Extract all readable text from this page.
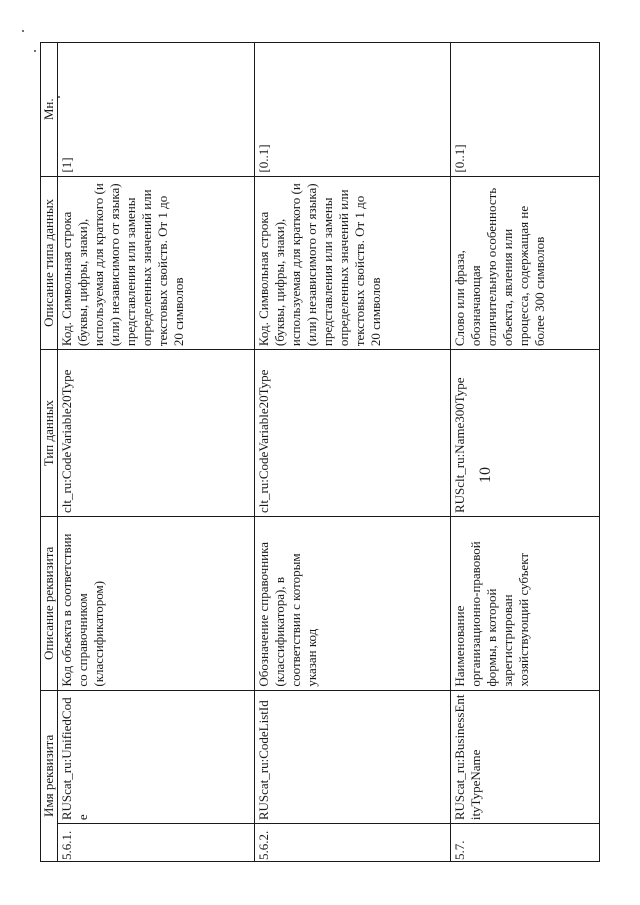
10
Имя реквизита		Описание реквизита	Тип данных	Описание типа данных	Мн.
5.6.1.	RUScat_ru:UnifiedCode	Код объекта в соответствии со справочником (классификатором)	clt_ru:CodeVariable20Type	Код. Символьная строка (буквы, цифры, знаки), используемая для краткого (и (или) независимого от языка) представления или замены определенных значений или текстовых свойств. От 1 до 20 символов	[1]
5.6.2.	RUScat_ru:CodeListId	Обозначение справочника (классификатора), в соответствии с которым указан код	clt_ru:CodeVariable20Type	Код. Символьная строка (буквы, цифры, знаки), используемая для краткого (и (или) независимого от языка) представления или замены определенных значений или текстовых свойств. От 1 до 20 символов	[0..1]
5.7.	RUScat_ru:BusinessEntityTypeName	Наименование организационно-правовой формы, в которой зарегистрирован хозяйствующий субъект	RUSclt_ru:Name300Type	Слово или фраза, обозначающая отличительную особенность объекта, явления или процесса, содержащая не более 300 символов	[0..1]
